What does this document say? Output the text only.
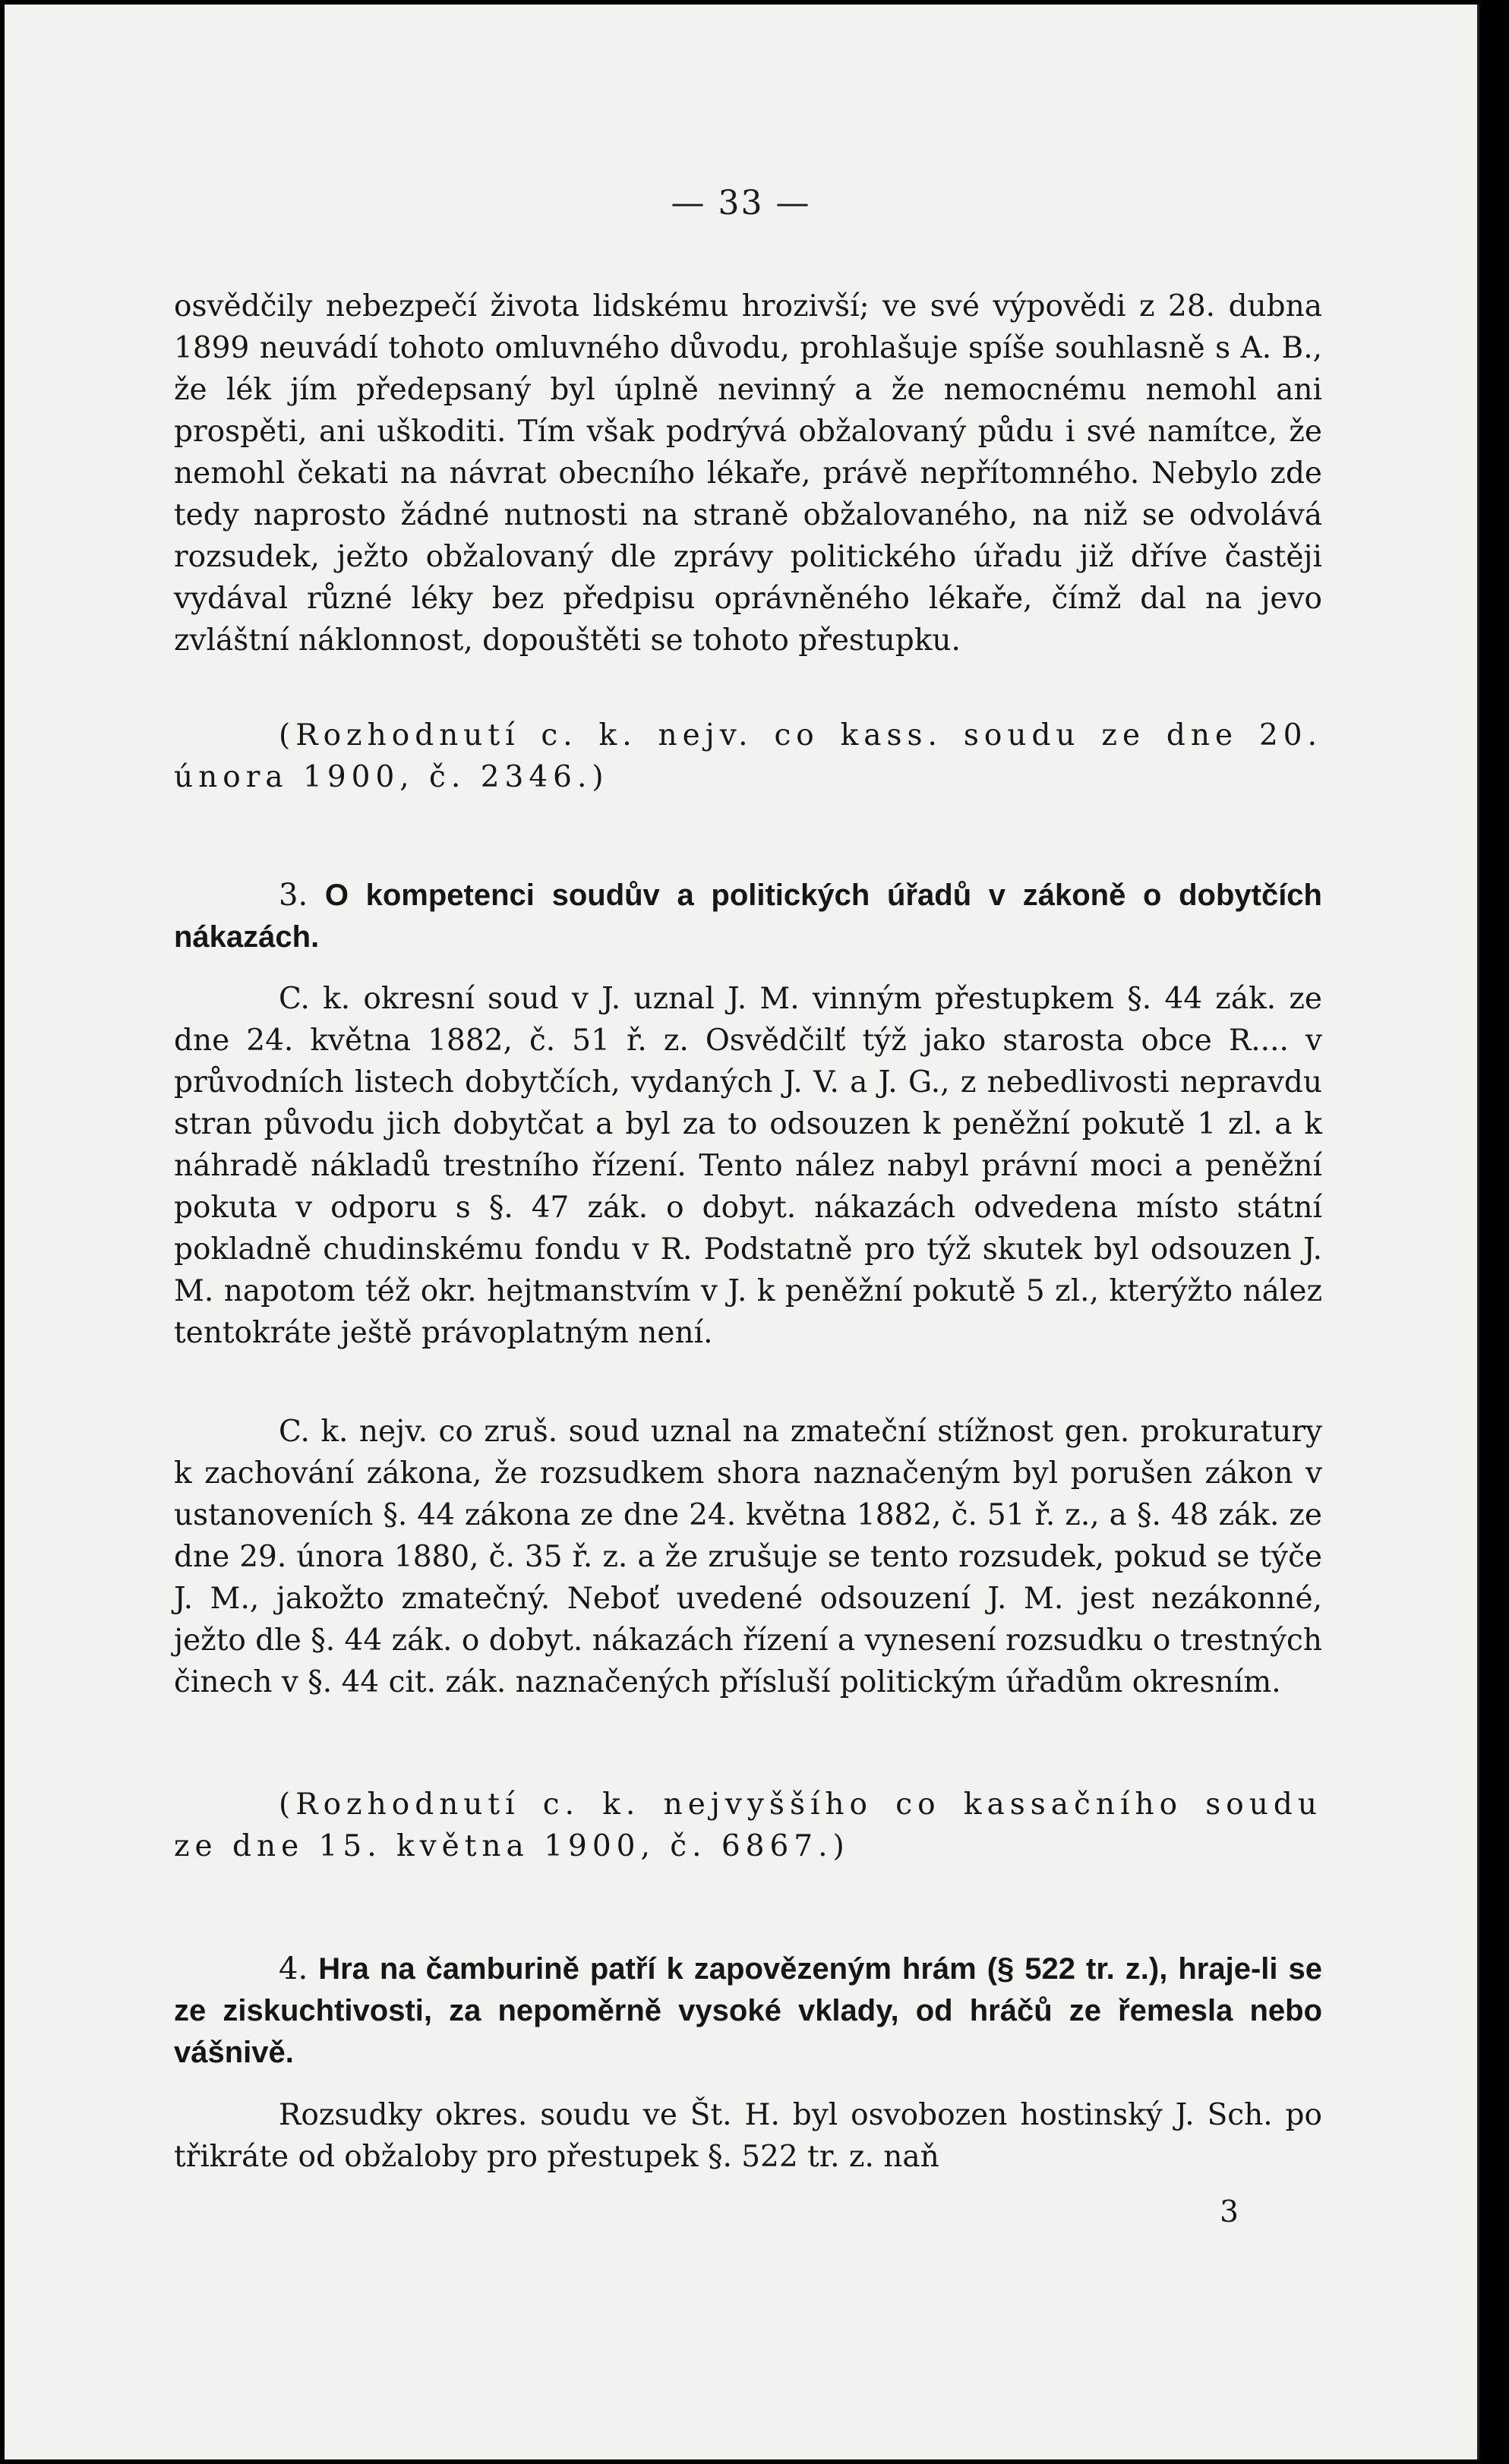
— 33 —

osvědčily nebezpečí života lidskému hrozivší; ve své výpovědi z 28. dubna 1899 neuvádí tohoto omluvného důvodu, prohlašuje spíše souhlasně s A. B., že lék jím předepsaný byl úplně nevinný a že nemocnému nemohl ani prospěti, ani uškoditi. Tím však podrývá obžalovaný půdu i své namítce, že nemohl čekati na návrat obecního lékaře, právě nepřítomného. Nebylo zde tedy naprosto žádné nutnosti na straně obžalovaného, na niž se odvolává rozsudek, ježto obžalovaný dle zprávy politického úřadu již dříve častěji vydával různé léky bez předpisu oprávněného lékaře, čímž dal na jevo zvláštní náklonnost, dopouštěti se tohoto přestupku.

(Rozhodnutí c. k. nejv. co kass. soudu ze dne 20. února 1900, č. 2346.)

3. O kompetenci soudův a politických úřadů v zákoně o dobytčích nákazách.

C. k. okresní soud v J. uznal J. M. vinným přestupkem §. 44 zák. ze dne 24. května 1882, č. 51 ř. z. Osvědčilť týž jako starosta obce R.... v průvodních listech dobytčích, vydaných J. V. a J. G., z nebedlivosti nepravdu stran původu jich dobytčat a byl za to odsouzen k peněžní pokutě 1 zl. a k náhradě nákladů trestního řízení. Tento nález nabyl právní moci a peněžní pokuta v odporu s §. 47 zák. o dobyt. nákazách odvedena místo státní pokladně chudinskému fondu v R. Podstatně pro týž skutek byl odsouzen J. M. napotom též okr. hejtmanstvím v J. k peněžní pokutě 5 zl., kterýžto nález tentokráte ještě právoplatným není.

C. k. nejv. co zruš. soud uznal na zmateční stížnost gen. prokuratury k zachování zákona, že rozsudkem shora naznačeným byl porušen zákon v ustanoveních §. 44 zákona ze dne 24. května 1882, č. 51 ř. z., a §. 48 zák. ze dne 29. února 1880, č. 35 ř. z. a že zrušuje se tento rozsudek, pokud se týče J. M., jakožto zmatečný. Neboť uvedené odsouzení J. M. jest nezákonné, ježto dle §. 44 zák. o dobyt. nákazách řízení a vynesení rozsudku o trestných činech v §. 44 cit. zák. naznačených přísluší politickým úřadům okresním.

(Rozhodnutí c. k. nejvyššího co kassačního soudu ze dne 15. května 1900, č. 6867.)

4. Hra na čamburině patří k zapovězeným hrám (§ 522 tr. z.), hraje-li se ze ziskuchtivosti, za nepoměrně vysoké vklady, od hráčů ze řemesla nebo vášnivě.

Rozsudky okres. soudu ve Št. H. byl osvobozen hostinský J. Sch. po třikráte od obžaloby pro přestupek §. 522 tr. z. naň

3
